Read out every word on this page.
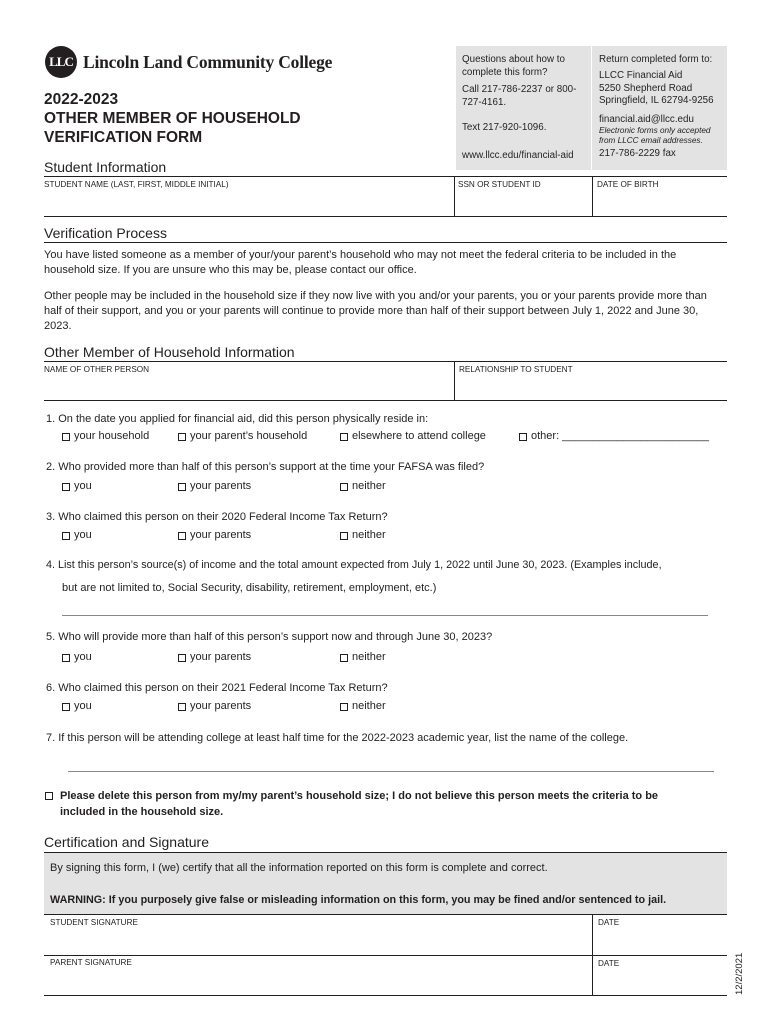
LLC Lincoln Land Community College
2022-2023
OTHER MEMBER OF HOUSEHOLD
VERIFICATION FORM

Questions about how to complete this form?

Call 217-786-2237 or 800-727-4161.

Text 217-920-1096.

www.llcc.edu/financial-aid

Return completed form to:

LLCC Financial Aid

5250 Shepherd Road

Springfield, IL 62794-9256

financial.aid@llcc.edu

Electronic forms only accepted from LLCC email addresses.

217-786-2229 fax

Student Information
STUDENT NAME (LAST, FIRST, MIDDLE INITIAL)	SSN OR STUDENT ID	DATE OF BIRTH
Verification Process
You have listed someone as a member of your/your parent’s household who may not meet the federal criteria to be included in the household size. If you are unsure who this may be, please contact our office.
Other people may be included in the household size if they now live with you and/or your parents, you or your parents provide more than half of their support, and you or your parents will continue to provide more than half of their support between July 1, 2022 and June 30, 2023.
Other Member of Household Information
NAME OF OTHER PERSON	RELATIONSHIP TO STUDENT
1. On the date you applied for financial aid, did this person physically reside in:
your household	your parent’s household	elsewhere to attend college	other: ________________________
2. Who provided more than half of this person’s support at the time your FAFSA was filed?
you	your parents	neither
3. Who claimed this person on their 2020 Federal Income Tax Return?
you	your parents	neither
4. List this person’s source(s) of income and the total amount expected from July 1, 2022 until June 30, 2023. (Examples include,
but are not limited to, Social Security, disability, retirement, employment, etc.)
5. Who will provide more than half of this person’s support now and through June 30, 2023?
you	your parents	neither
6. Who claimed this person on their 2021 Federal Income Tax Return?
you	your parents	neither
7. If this person will be attending college at least half time for the 2022-2023 academic year, list the name of the college.
Please delete this person from my/my parent’s household size; I do not believe this person meets the criteria to be
included in the household size.
Certification and Signature
By signing this form, I (we) certify that all the information reported on this form is complete and correct.
WARNING: If you purposely give false or misleading information on this form, you may be fined and/or sentenced to jail.
STUDENT SIGNATURE	DATE
PARENT SIGNATURE	DATE	12/2/2021
